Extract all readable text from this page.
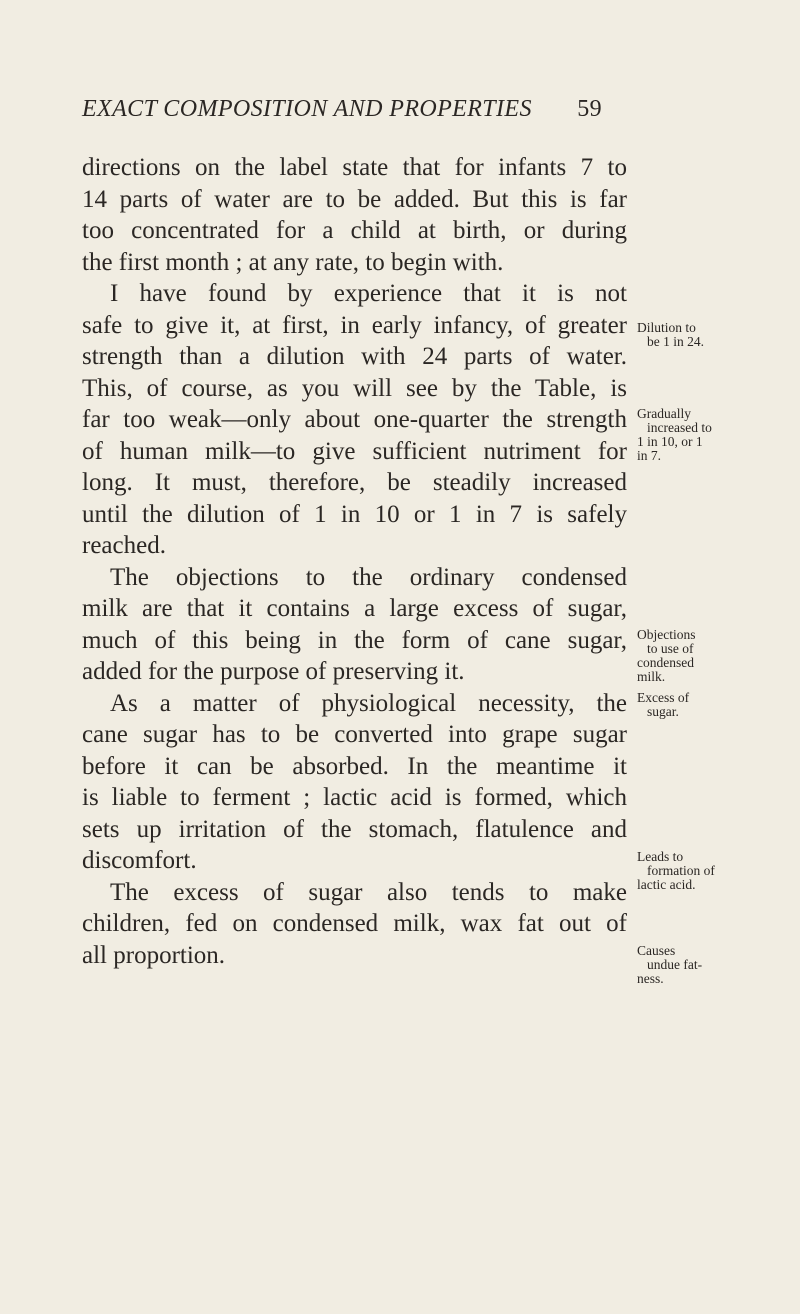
EXACT COMPOSITION AND PROPERTIES 59
directions on the label state that for infants 7 to
14 parts of water are to be added. But this is far
too concentrated for a child at birth, or during
the first month ; at any rate, to begin with.
I have found by experience that it is not
safe to give it, at first, in early infancy, of greater
strength than a dilution with 24 parts of water.
This, of course, as you will see by the Table, is
far too weak—only about one-quarter the strength
of human milk—to give sufficient nutriment for
long. It must, therefore, be steadily increased
until the dilution of 1 in 10 or 1 in 7 is safely
reached.
The objections to the ordinary condensed
milk are that it contains a large excess of sugar,
much of this being in the form of cane sugar,
added for the purpose of preserving it.
As a matter of physiological necessity, the
cane sugar has to be converted into grape sugar
before it can be absorbed. In the meantime it
is liable to ferment ; lactic acid is formed, which
sets up irritation of the stomach, flatulence and
discomfort.
The excess of sugar also tends to make
children, fed on condensed milk, wax fat out of
all proportion.
Dilution to
be 1 in 24.
Gradually
increased to
1 in 10, or 1
in 7.
Objections
to use of
condensed
milk.
Excess of
sugar.
Leads to
formation of
lactic acid.
Causes
undue fat-
ness.
